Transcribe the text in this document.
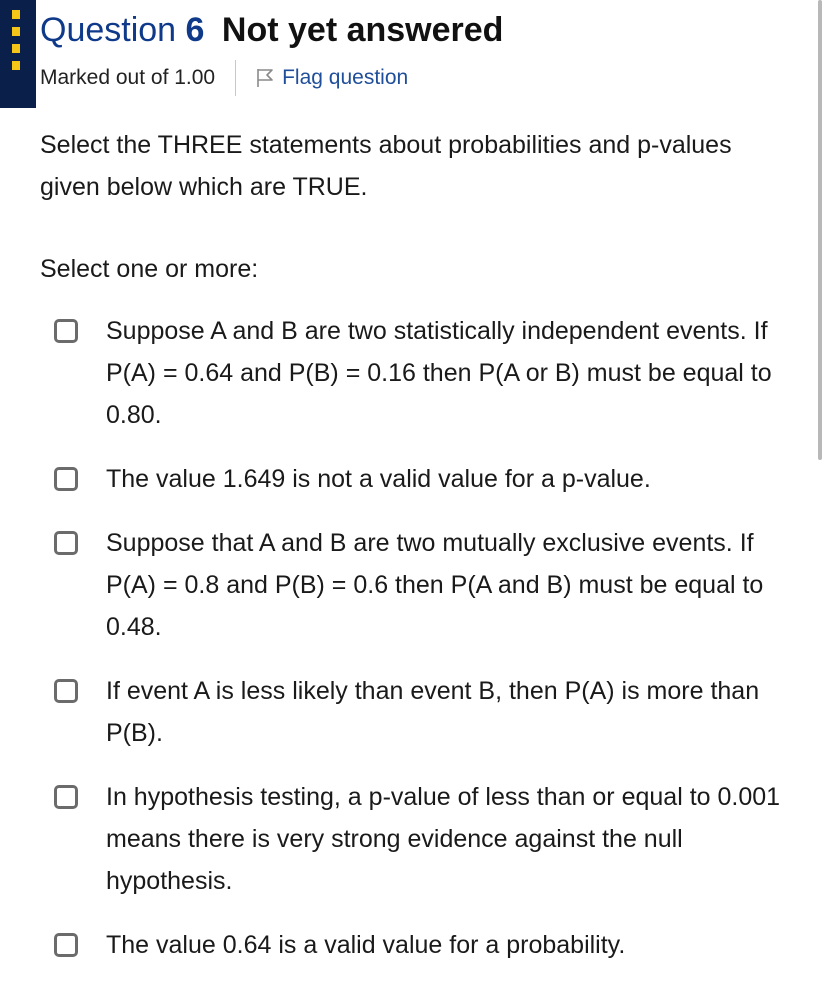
Question 6 Not yet answered
Marked out of 1.00	Flag question
Select the THREE statements about probabilities and p-values given below which are TRUE.
Select one or more:
Suppose A and B are two statistically independent events. If P(A) = 0.64 and P(B) = 0.16 then P(A or B) must be equal to 0.80.
The value 1.649 is not a valid value for a p-value.
Suppose that A and B are two mutually exclusive events. If P(A) = 0.8 and P(B) = 0.6 then P(A and B) must be equal to 0.48.
If event A is less likely than event B, then P(A) is more than P(B).
In hypothesis testing, a p-value of less than or equal to 0.001 means there is very strong evidence against the null hypothesis.
The value 0.64 is a valid value for a probability.
